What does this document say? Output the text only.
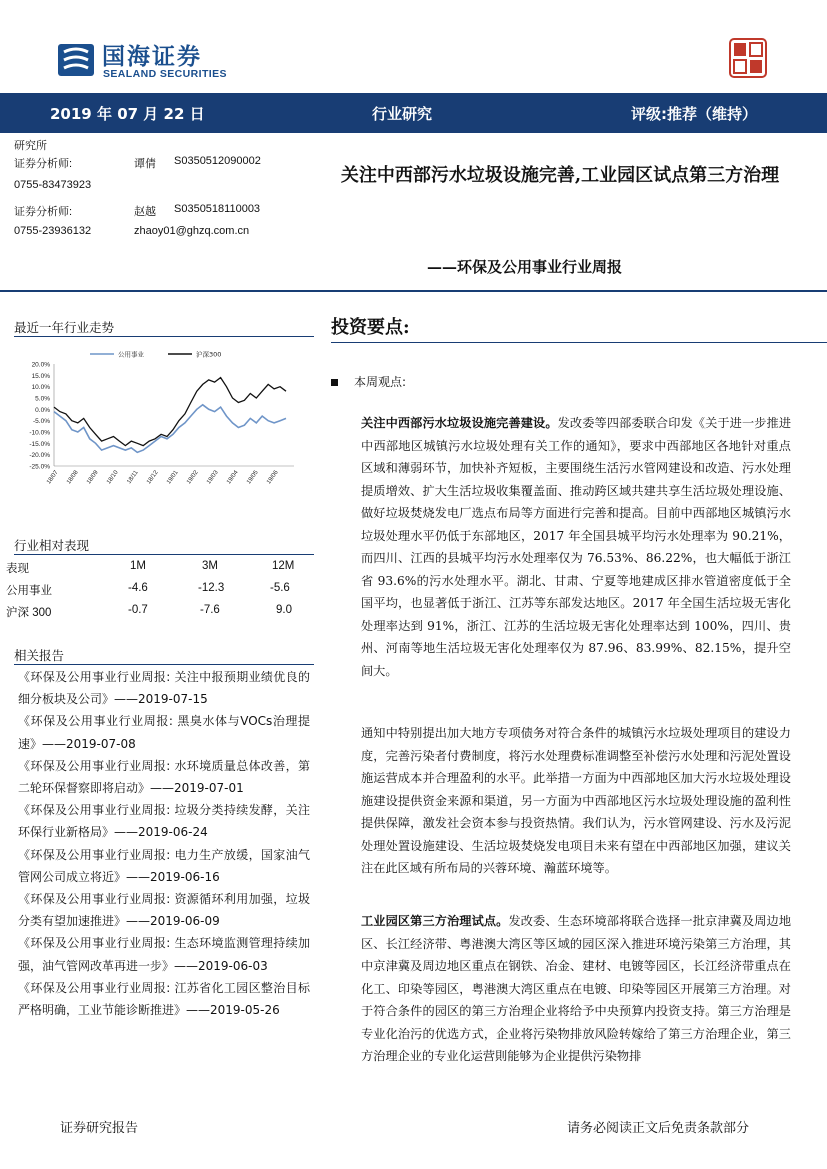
国海证券
SEALAND SECURITIES
2019 年 07 月 22 日	行业研究	评级:推荐（维持）
研究所
证券分析师:	谭倩 S0350512090002
0755-83473923
证券分析师:	赵越 S0350518110003
0755-23936132	zhaoy01@ghzq.com.cn
关注中西部污水垃圾设施完善,工业园区试点第三方治理
——环保及公用事业行业周报
最近一年行业走势
20.0%
15.0%
10.0%
5.0%
0.0%
-5.0%
-10.0%
-15.0%
-20.0%
-25.0%
18/07 18/08 18/09 18/10 18/11 18/12 19/01 19/02 19/03 19/04 19/05 19/06
公用事业	沪深300
行业相对表现
表现	1M	3M	12M
公用事业	-4.6	-12.3	-5.6
沪深 300	-0.7	-7.6	9.0
相关报告
《环保及公用事业行业周报: 关注中报预期业绩优良的细分板块及公司》——2019-07-15
《环保及公用事业行业周报: 黑臭水体与VOCs治理提速》——2019-07-08
《环保及公用事业行业周报: 水环境质量总体改善，第二轮环保督察即将启动》——2019-07-01
《环保及公用事业行业周报: 垃圾分类持续发酵，关注环保行业新格局》——2019-06-24
《环保及公用事业行业周报: 电力生产放缓，国家油气管网公司成立将近》——2019-06-16
《环保及公用事业行业周报: 资源循环利用加强，垃圾分类有望加速推进》——2019-06-09
《环保及公用事业行业周报: 生态环境监测管理持续加强，油气管网改革再进一步》——2019-06-03
《环保及公用事业行业周报: 江苏省化工园区整治目标严格明确，工业节能诊断推进》——2019-05-26
投资要点:
本周观点:
关注中西部污水垃圾设施完善建设。发改委等四部委联合印发《关于进一步推进中西部地区城镇污水垃圾处理有关工作的通知》，要求中西部地区各地针对重点区域和薄弱环节，加快补齐短板，主要围绕生活污水管网建设和改造、污水处理提质增效、扩大生活垃圾收集覆盖面、推动跨区域共建共享生活垃圾处理设施、做好垃圾焚烧发电厂选点布局等方面进行完善和提高。目前中西部地区城镇污水垃圾处理水平仍低于东部地区，2017 年全国县城平均污水处理率为 90.21%，而四川、江西的县城平均污水处理率仅为 76.53%、86.22%，也大幅低于浙江省 93.6%的污水处理水平。湖北、甘肃、宁夏等地建成区排水管道密度低于全国平均，也显著低于浙江、江苏等东部发达地区。2017 年全国生活垃圾无害化处理率达到 91%，浙江、江苏的生活垃圾无害化处理率达到 100%，四川、贵州、河南等地生活垃圾无害化处理率仅为 87.96、83.99%、82.15%，提升空间大。
通知中特别提出加大地方专项债务对符合条件的城镇污水垃圾处理项目的建设力度，完善污染者付费制度，将污水处理费标准调整至补偿污水处理和污泥处置设施运营成本并合理盈利的水平。此举措一方面为中西部地区加大污水垃圾处理设施建设提供资金来源和渠道，另一方面为中西部地区污水垃圾处理设施的盈利性提供保障，激发社会资本参与投资热情。我们认为，污水管网建设、污水及污泥处理处置设施建设、生活垃圾焚烧发电项目未来有望在中西部地区加强，建议关注在此区域有所布局的兴蓉环境、瀚蓝环境等。
工业园区第三方治理试点。发改委、生态环境部将联合选择一批京津冀及周边地区、长江经济带、粤港澳大湾区等区域的园区深入推进环境污染第三方治理，其中京津冀及周边地区重点在钢铁、冶金、建材、电镀等园区，长江经济带重点在化工、印染等园区，粤港澳大湾区重点在电镀、印染等园区开展第三方治理。对于符合条件的园区的第三方治理企业将给予中央预算内投资支持。第三方治理是专业化治污的优选方式，企业将污染物排放风险转嫁给了第三方治理企业，第三方治理企业的专业化运营則能够为企业提供污染物排
证券研究报告	请务必阅读正文后免责条款部分
